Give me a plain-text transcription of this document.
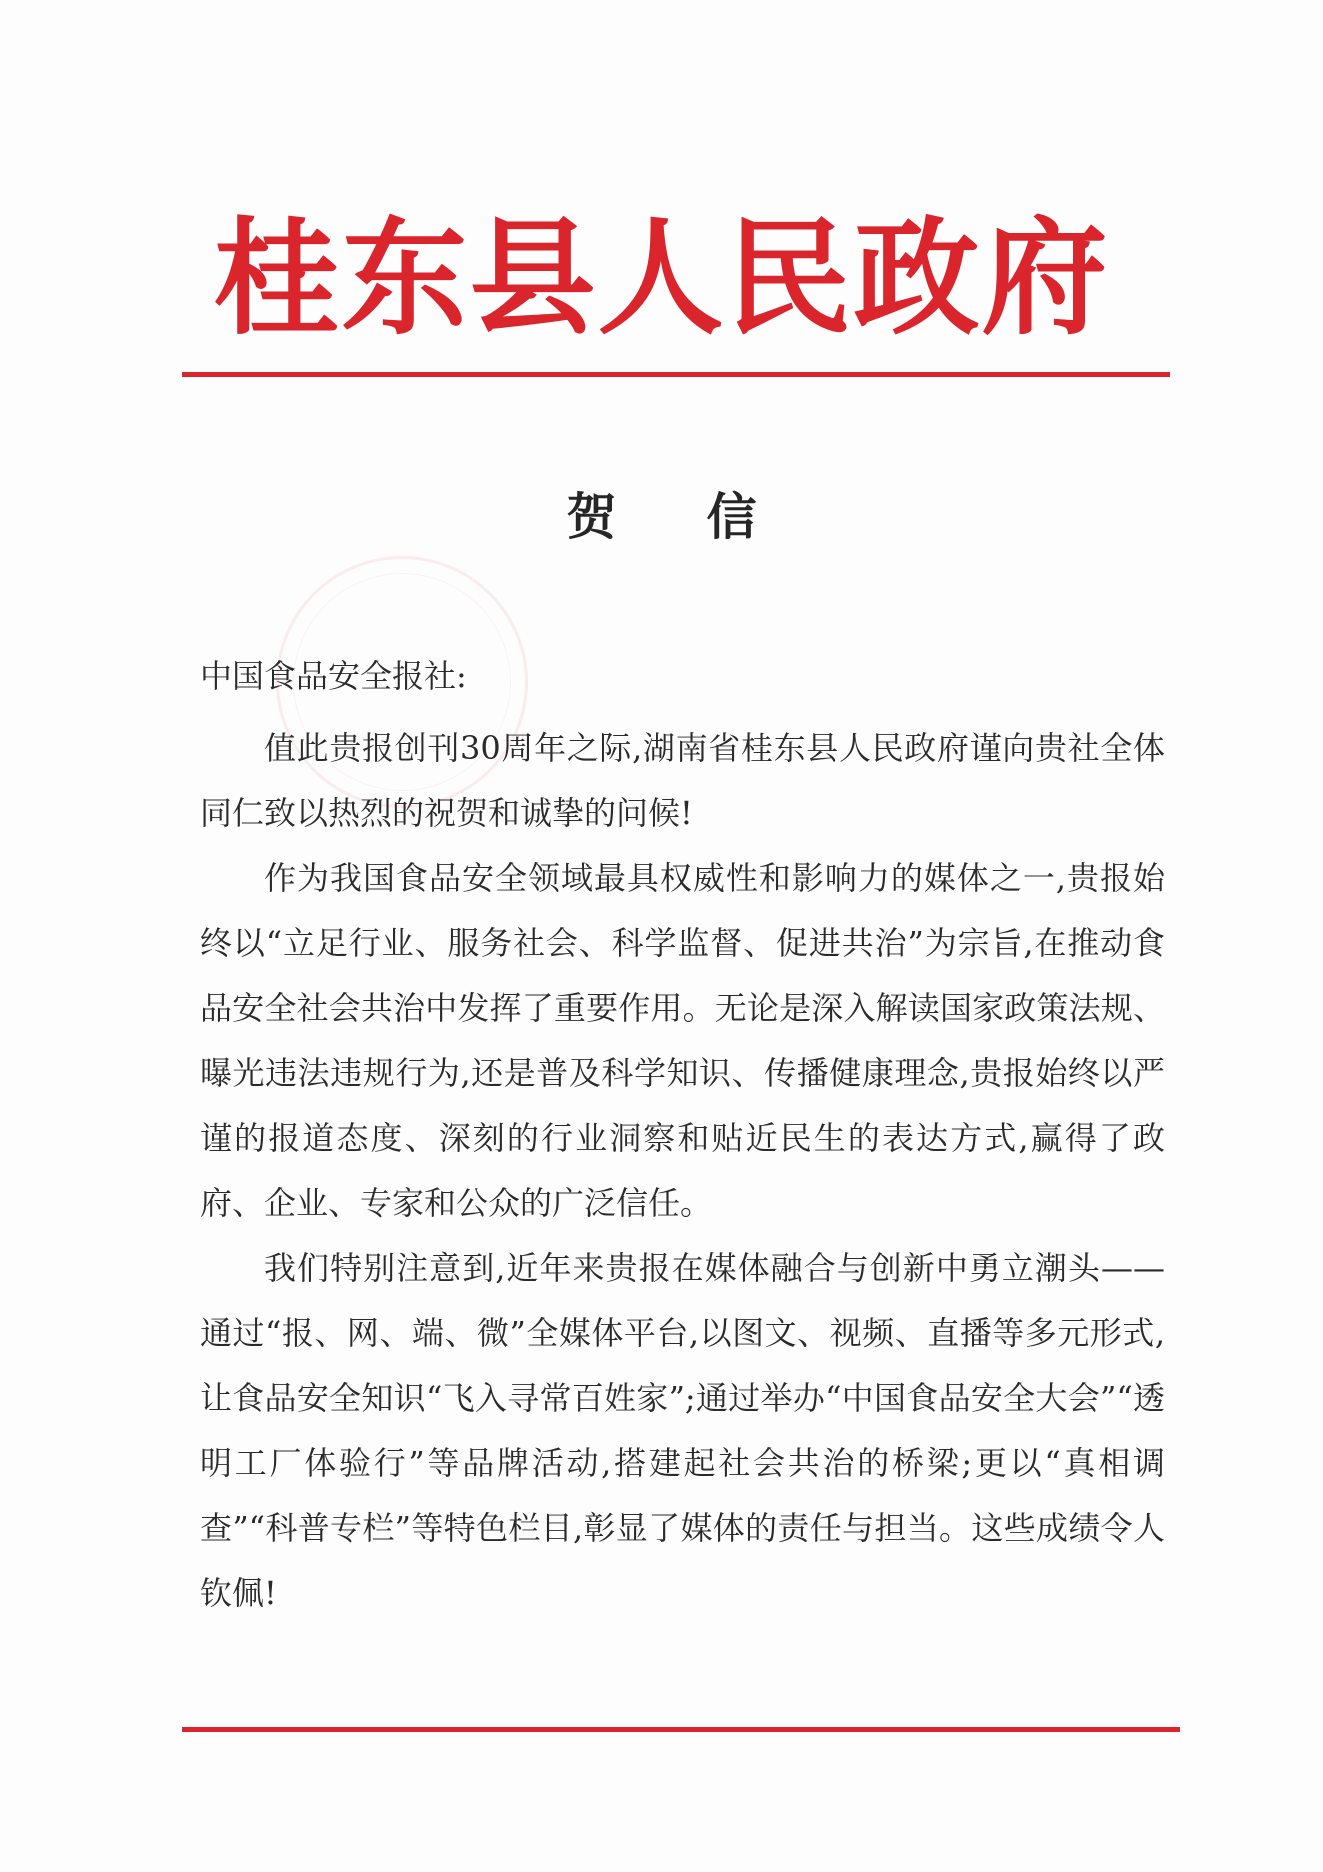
桂东县人民政府
贺信
中国食品安全报社:

值此贵报创刊30周年之际,湖南省桂东县人民政府谨向贵社全体同仁致以热烈的祝贺和诚挚的问候!

作为我国食品安全领域最具权威性和影响力的媒体之一,贵报始终以“立足行业、服务社会、科学监督、促进共治”为宗旨,在推动食品安全社会共治中发挥了重要作用。无论是深入解读国家政策法规、曝光违法违规行为,还是普及科学知识、传播健康理念,贵报始终以严谨的报道态度、深刻的行业洞察和贴近民生的表达方式,赢得了政府、企业、专家和公众的广泛信任。

我们特别注意到,近年来贵报在媒体融合与创新中勇立潮头——通过“报、网、端、微”全媒体平台,以图文、视频、直播等多元形式,让食品安全知识“飞入寻常百姓家”;通过举办“中国食品安全大会”“透明工厂体验行”等品牌活动,搭建起社会共治的桥梁;更以“真相调查”“科普专栏”等特色栏目,彰显了媒体的责任与担当。这些成绩令人钦佩!
